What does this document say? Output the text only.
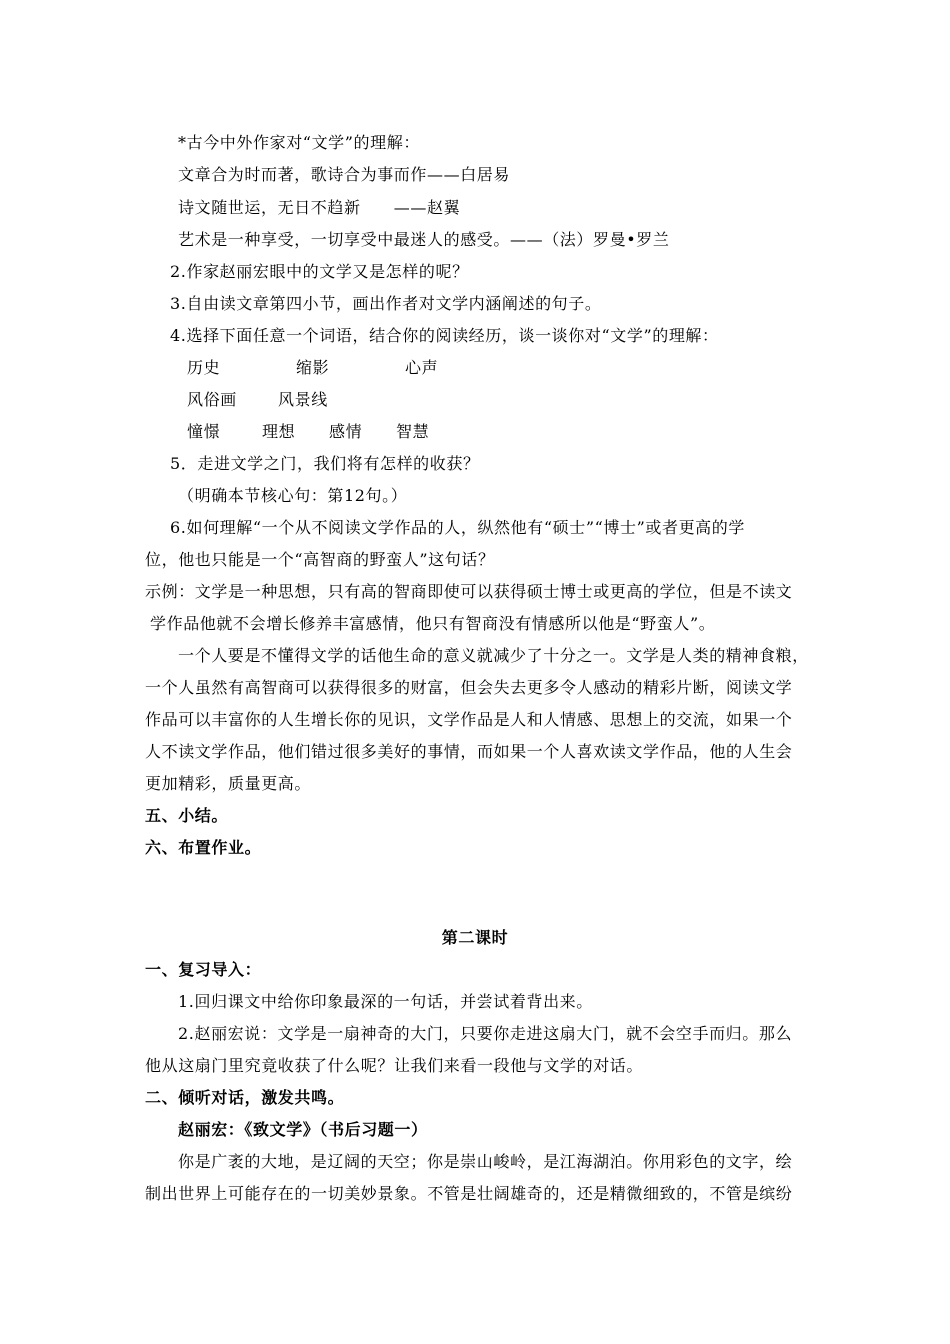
*古今中外作家对“文学”的理解：
文章合为时而著，歌诗合为事而作——白居易
诗文随世运，无日不趋新　　——赵翼
艺术是一种享受，一切享受中最迷人的感受。——（法）罗曼•罗兰
2.作家赵丽宏眼中的文学又是怎样的呢？
3.自由读文章第四小节，画出作者对文学内涵阐述的句子。
4.选择下面任意一个词语，结合你的阅读经历，谈一谈你对“文学”的理解：
历史	缩影	心声
风俗画	风景线
憧憬	理想 感情 智慧
5．走进文学之门，我们将有怎样的收获？
（明确本节核心句：第12句。）
6.如何理解“一个从不阅读文学作品的人，纵然他有“硕士”“博士”或者更高的学
位，他也只能是一个“高智商的野蛮人”这句话？
示例：文学是一种思想，只有高的智商即使可以获得硕士博士或更高的学位，但是不读文
学作品他就不会增长修养丰富感情，他只有智商没有情感所以他是“野蛮人”。
一个人要是不懂得文学的话他生命的意义就减少了十分之一。文学是人类的精神食粮，
一个人虽然有高智商可以获得很多的财富，但会失去更多令人感动的精彩片断，阅读文学
作品可以丰富你的人生增长你的见识，文学作品是人和人情感、思想上的交流，如果一个
人不读文学作品，他们错过很多美好的事情，而如果一个人喜欢读文学作品，他的人生会
更加精彩，质量更高。
五、小结。
六、布置作业。
第二课时
一、复习导入：
1.回归课文中给你印象最深的一句话，并尝试着背出来。
2.赵丽宏说：文学是一扇神奇的大门，只要你走进这扇大门，就不会空手而归。那么
他从这扇门里究竟收获了什么呢？让我们来看一段他与文学的对话。
二、倾听对话，激发共鸣。
赵丽宏：《致文学》（书后习题一）
你是广袤的大地，是辽阔的天空；你是崇山峻岭，是江海湖泊。你用彩色的文字，绘
制出世界上可能存在的一切美妙景象。不管是壮阔雄奇的，还是精微细致的，不管是缤纷
